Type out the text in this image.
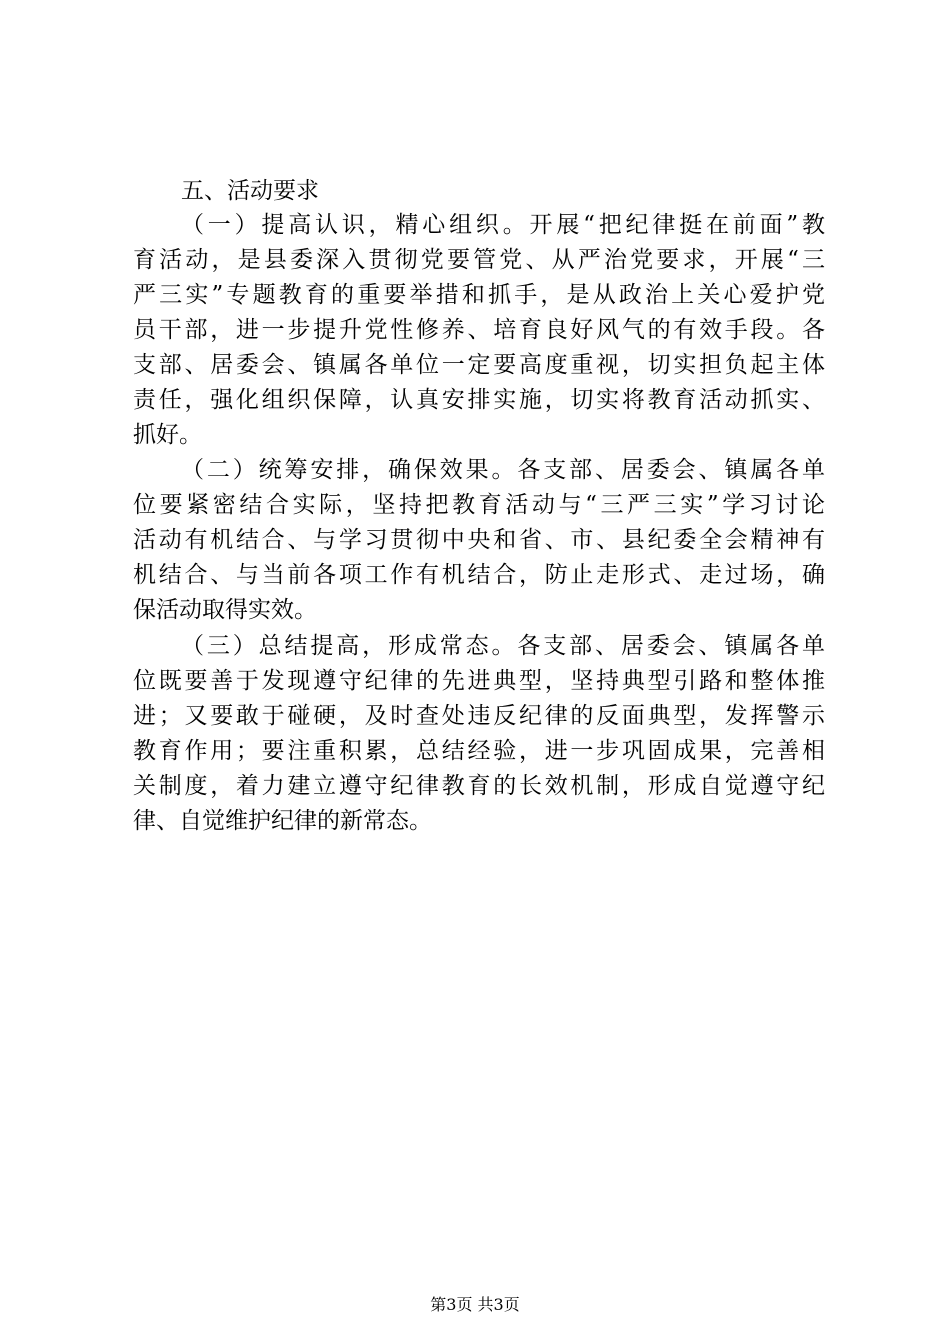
五、活动要求
（一）提高认识，精心组织。开展“把纪律挺在前面”教
育活动，是县委深入贯彻党要管党、从严治党要求，开展“三
严三实”专题教育的重要举措和抓手，是从政治上关心爱护党
员干部，进一步提升党性修养、培育良好风气的有效手段。各
支部、居委会、镇属各单位一定要高度重视，切实担负起主体
责任，强化组织保障，认真安排实施，切实将教育活动抓实、
抓好。
（二）统筹安排，确保效果。各支部、居委会、镇属各单
位要紧密结合实际，坚持把教育活动与“三严三实”学习讨论
活动有机结合、与学习贯彻中央和省、市、县纪委全会精神有
机结合、与当前各项工作有机结合，防止走形式、走过场，确
保活动取得实效。
（三）总结提高，形成常态。各支部、居委会、镇属各单
位既要善于发现遵守纪律的先进典型，坚持典型引路和整体推
进；又要敢于碰硬，及时查处违反纪律的反面典型，发挥警示
教育作用；要注重积累，总结经验，进一步巩固成果，完善相
关制度，着力建立遵守纪律教育的长效机制，形成自觉遵守纪
律、自觉维护纪律的新常态。
第3页 共3页
